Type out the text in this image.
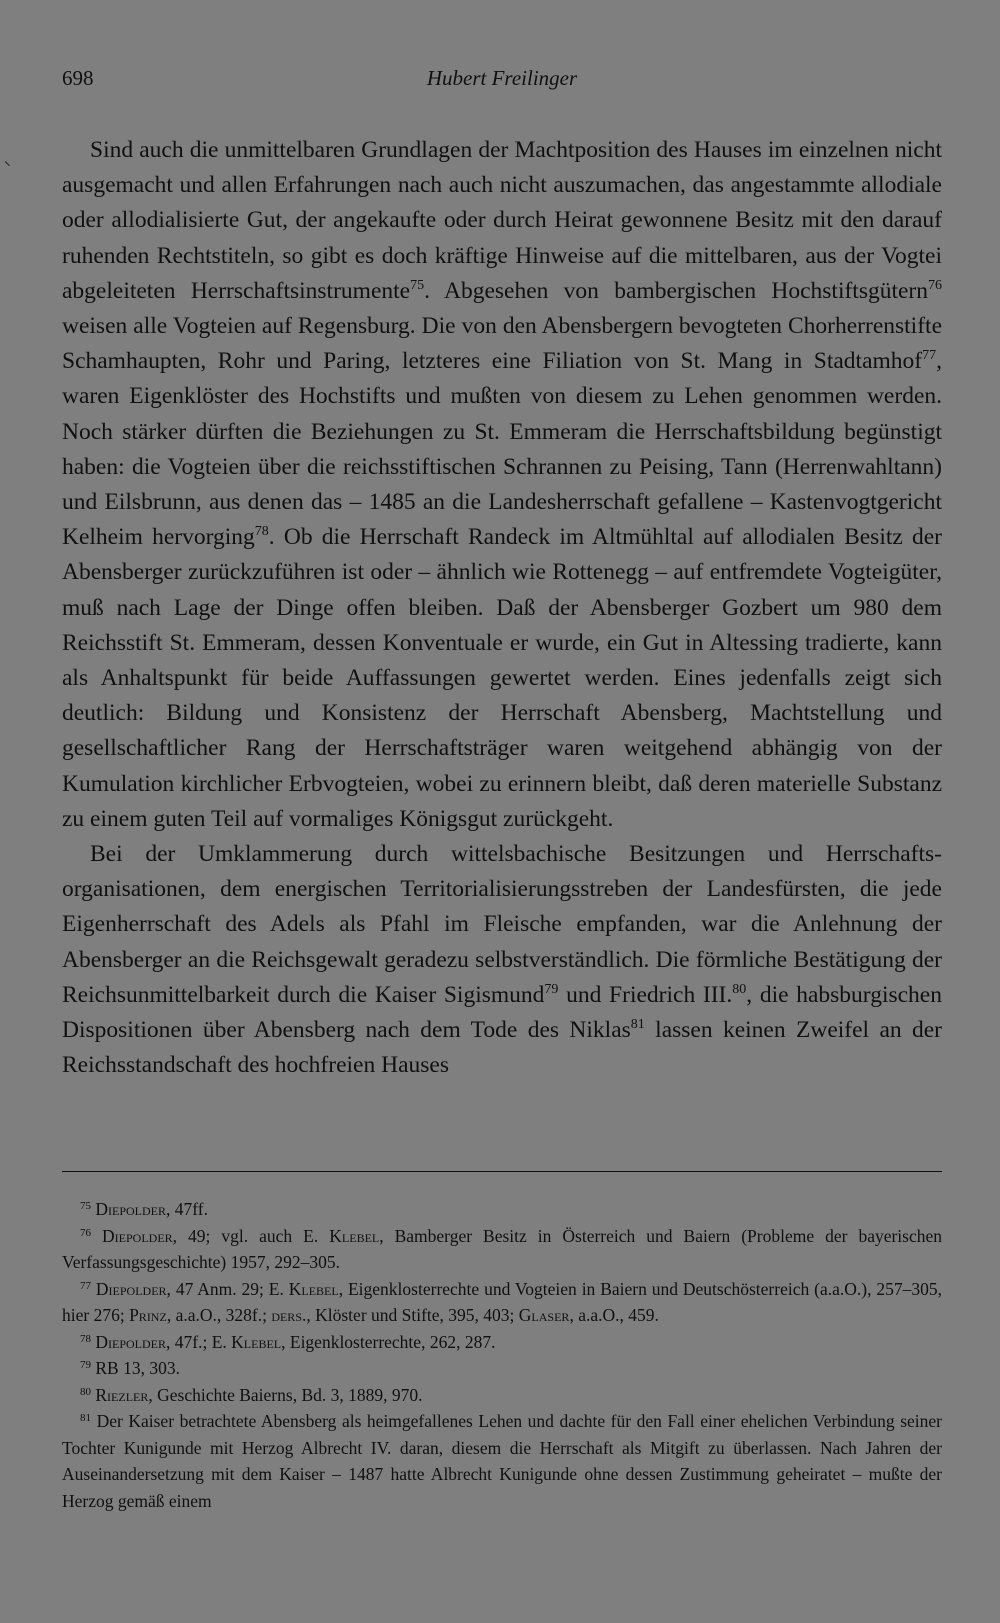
698	Hubert Freilinger

Sind auch die unmittelbaren Grundlagen der Machtposition des Hauses im einzelnen nicht ausgemacht und allen Erfahrungen nach auch nicht auszumachen, das angestammte allodiale oder allodialisierte Gut, der angekaufte oder durch Heirat gewonnene Besitz mit den darauf ruhenden Rechtstiteln, so gibt es doch kräftige Hinweise auf die mittelbaren, aus der Vogtei abgeleiteten Herrschaftsinstrumente$^{75}$. Abgesehen von bambergischen Hochstiftsgütern$^{76}$ weisen alle Vogteien auf Regensburg. Die von den Abensbergern bevogteten Chorherrenstifte Schamhaupten, Rohr und Paring, letzteres eine Filiation von St. Mang in Stadtamhof$^{77}$, waren Eigenklöster des Hochstifts und mußten von diesem zu Lehen genommen werden. Noch stärker dürften die Beziehungen zu St. Emmeram die Herrschaftsbildung begünstigt haben: die Vogteien über die reichsstiftischen Schrannen zu Peising, Tann (Herrenwahltann) und Eilsbrunn, aus denen das – 1485 an die Landesherrschaft gefallene – Kastenvogtgericht Kelheim hervorging$^{78}$. Ob die Herrschaft Randeck im Altmühltal auf allodialen Besitz der Abensberger zurückzuführen ist oder – ähnlich wie Rottenegg – auf entfremdete Vogteigüter, muß nach Lage der Dinge offen bleiben. Daß der Abensberger Gozbert um 980 dem Reichsstift St. Emmeram, dessen Konventuale er wurde, ein Gut in Altessing tradierte, kann als Anhaltspunkt für beide Auffassungen gewertet werden. Eines jedenfalls zeigt sich deutlich: Bildung und Konsistenz der Herrschaft Abensberg, Machtstellung und gesellschaftlicher Rang der Herrschaftsträger waren weitgehend abhängig von der Kumulation kirchlicher Erbvogteien, wobei zu erinnern bleibt, daß deren materielle Substanz zu einem guten Teil auf vormaliges Königsgut zurückgeht.

Bei der Umklammerung durch wittelsbachische Besitzungen und Herrschaftsorganisationen, dem energischen Territorialisierungsstreben der Landesfürsten, die jede Eigenherrschaft des Adels als Pfahl im Fleische empfanden, war die Anlehnung der Abensberger an die Reichsgewalt geradezu selbstverständlich. Die förmliche Bestätigung der Reichsunmittelbarkeit durch die Kaiser Sigismund$^{79}$ und Friedrich III.$^{80}$, die habsburgischen Dispositionen über Abensberg nach dem Tode des Niklas$^{81}$ lassen keinen Zweifel an der Reichsstandschaft des hochfreien Hauses

$^{75}$ Diepolder, 47ff.

$^{76}$ Diepolder, 49; vgl. auch E. Klebel, Bamberger Besitz in Österreich und Baiern (Probleme der bayerischen Verfassungsgeschichte) 1957, 292–305.

$^{77}$ Diepolder, 47 Anm. 29; E. Klebel, Eigenklosterrechte und Vogteien in Baiern und Deutschösterreich (a.a.O.), 257–305, hier 276; Prinz, a.a.O., 328f.; ders., Klöster und Stifte, 395, 403; Glaser, a.a.O., 459.

$^{78}$ Diepolder, 47f.; E. Klebel, Eigenklosterrechte, 262, 287.

$^{79}$ RB 13, 303.

$^{80}$ Riezler, Geschichte Baierns, Bd. 3, 1889, 970.

$^{81}$ Der Kaiser betrachtete Abensberg als heimgefallenes Lehen und dachte für den Fall einer ehelichen Verbindung seiner Tochter Kunigunde mit Herzog Albrecht IV. daran, diesem die Herrschaft als Mitgift zu überlassen. Nach Jahren der Auseinandersetzung mit dem Kaiser – 1487 hatte Albrecht Kunigunde ohne dessen Zustimmung geheiratet – mußte der Herzog gemäß einem
